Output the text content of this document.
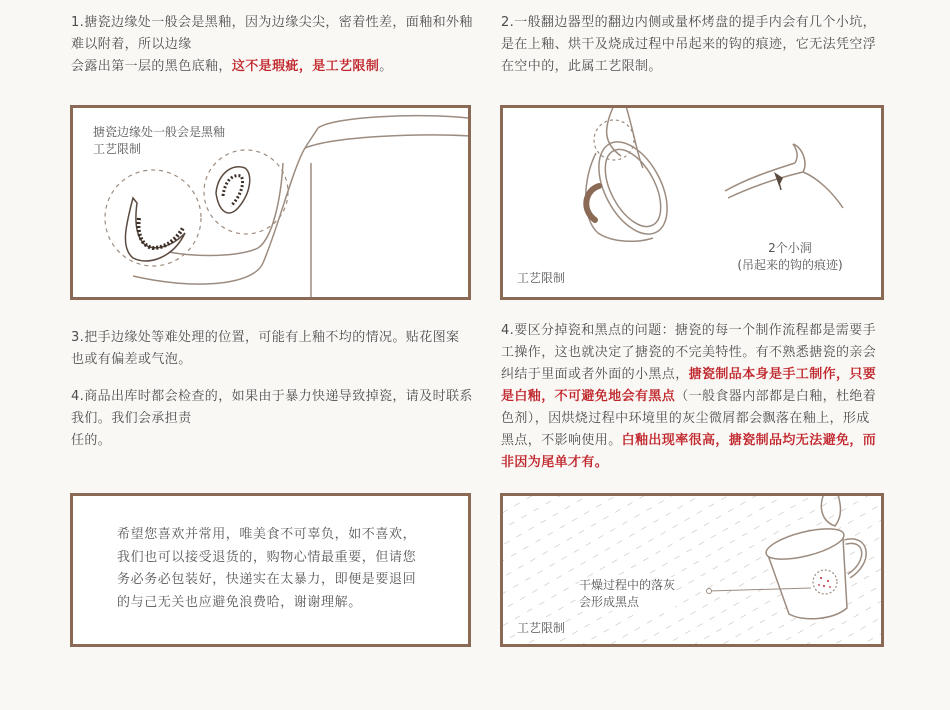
1.搪瓷边缘处一般会是黑釉，因为边缘尖尖，密着性差，面釉和外釉难以附着，所以边缘

会露出第一层的黑色底釉，这不是瑕疵，是工艺限制。

2.一般翻边器型的翻边内侧或量杯烤盘的提手内会有几个小坑，是在上釉、烘干及烧成过程中吊起来的钩的痕迹，它无法凭空浮在空中的，此属工艺限制。

搪瓷边缘处一般会是黑釉
工艺限制
2个小洞
(吊起来的钩的痕迹)
工艺限制

3.把手边缘处等难处理的位置，可能有上釉不均的情况。贴花图案也或有偏差或气泡。

4.商品出库时都会检查的，如果由于暴力快递导致掉瓷，请及时联系我们。我们会承担责

任的。

4.要区分掉瓷和黑点的问题：搪瓷的每一个制作流程都是需要手工操作，这也就决定了搪瓷的不完美特性。有不熟悉搪瓷的亲会纠结于里面或者外面的小黑点，搪瓷制品本身是手工制作，只要是白釉，不可避免地会有黑点（一般食器内部都是白釉，杜绝着色剂），因烘烧过程中环境里的灰尘微屑都会飘落在釉上，形成黑点，不影响使用。白釉出现率很高，搪瓷制品均无法避免，而非因为尾单才有。

希望您喜欢并常用，唯美食不可辜负，如不喜欢，
我们也可以接受退货的，购物心情最重要，但请您
务必务必包装好，快递实在太暴力，即便是要退回
的与己无关也应避免浪费哈，谢谢理解。
干燥过程中的落灰
会形成黑点
工艺限制
